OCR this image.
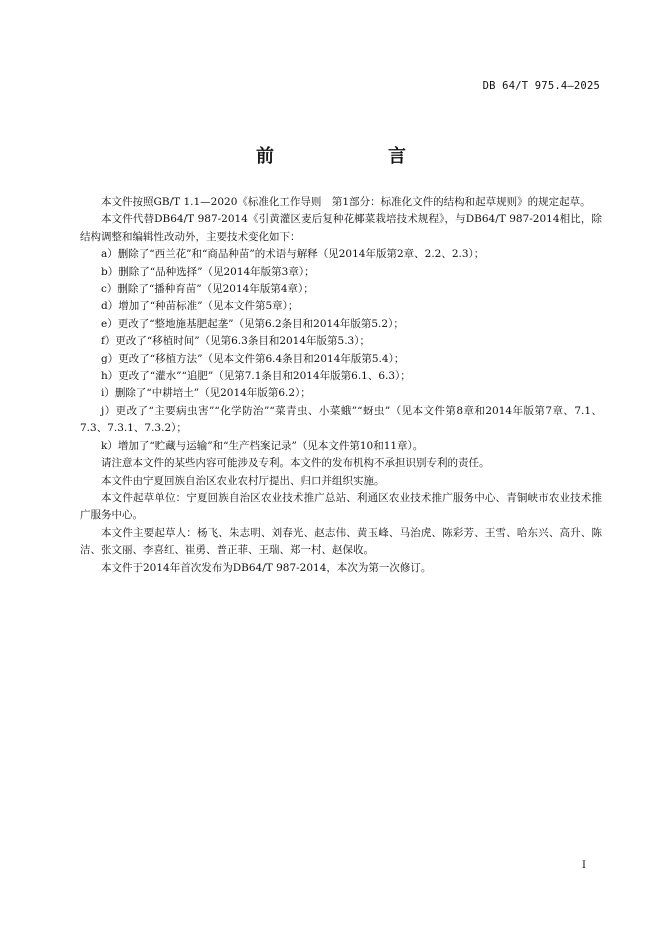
DB 64/T 975.4—2025
前　言

本文件按照GB/T 1.1—2020《标准化工作导则　第1部分：标准化文件的结构和起草规则》的规定起草。

本文件代替DB64/T 987-2014《引黄灌区麦后复种花椰菜栽培技术规程》，与DB64/T 987-2014相比，除结构调整和编辑性改动外，主要技术变化如下：

a）删除了“西兰花”和“商品种苗”的术语与解释（见2014年版第2章、2.2、2.3）；

b）删除了“品种选择”（见2014年版第3章）；

c）删除了“播种育苗”（见2014年版第4章）；

d）增加了“种苗标准”（见本文件第5章）；

e）更改了“整地施基肥起垄”（见第6.2条目和2014年版第5.2）；

f）更改了“移植时间”（见第6.3条目和2014年版第5.3）；

g）更改了“移植方法”（见本文件第6.4条目和2014年版第5.4）；

h）更改了“灌水”“追肥”（见第7.1条目和2014年版第6.1、6.3）；

i）删除了“中耕培土”（见2014年版第6.2）；

j）更改了“主要病虫害”“化学防治”“菜青虫、小菜蛾”“蚜虫”（见本文件第8章和2014年版第7章、7.1、7.3、7.3.1、7.3.2）；

k）增加了“贮藏与运输”和“生产档案记录”（见本文件第10和11章）。

请注意本文件的某些内容可能涉及专利。本文件的发布机构不承担识别专利的责任。

本文件由宁夏回族自治区农业农村厅提出、归口并组织实施。

本文件起草单位：宁夏回族自治区农业技术推广总站、利通区农业技术推广服务中心、青铜峡市农业技术推广服务中心。

本文件主要起草人：杨飞、朱志明、刘春光、赵志伟、黄玉峰、马治虎、陈彩芳、王雪、哈东兴、高升、陈洁、张文丽、李喜红、崔勇、普正菲、王瑞、郑一村、赵保收。

本文件于2014年首次发布为DB64/T 987-2014，本次为第一次修订。

I
